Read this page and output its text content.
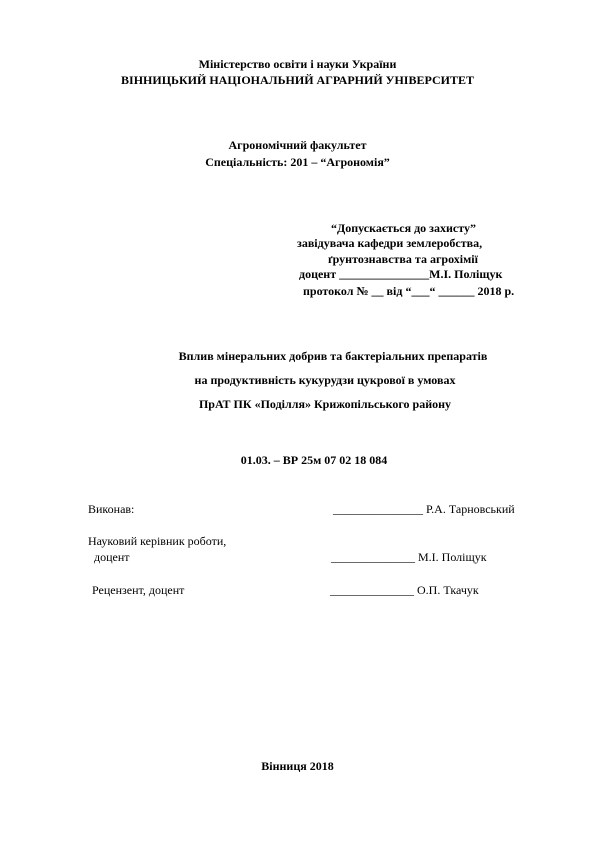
Міністерство освіти і науки України
ВІННИЦЬКИЙ НАЦІОНАЛЬНИЙ АГРАРНИЙ УНІВЕРСИТЕТ
Агрономічний факультет
Спеціальність: 201 – “Агрономія”
“Допускається до захисту”
завідувача кафедри землеробства,
ґрунтознавства та агрохімії
доцент _______________М.І. Поліщук
протокол № __ від “___“ ______ 2018 р.
Вплив мінеральних добрив та бактеріальних препаратів
на продуктивність кукурудзи цукрової в умовах
ПрАТ ПК «Поділля» Крижопільського району
01.03. – ВР 25м 07 02 18 084
Виконав:	_______________ Р.А. Тарновський
Науковий керівник роботи,
доцент	______________ М.І. Поліщук
Рецензент, доцент	______________ О.П. Ткачук
Вінниця 2018
